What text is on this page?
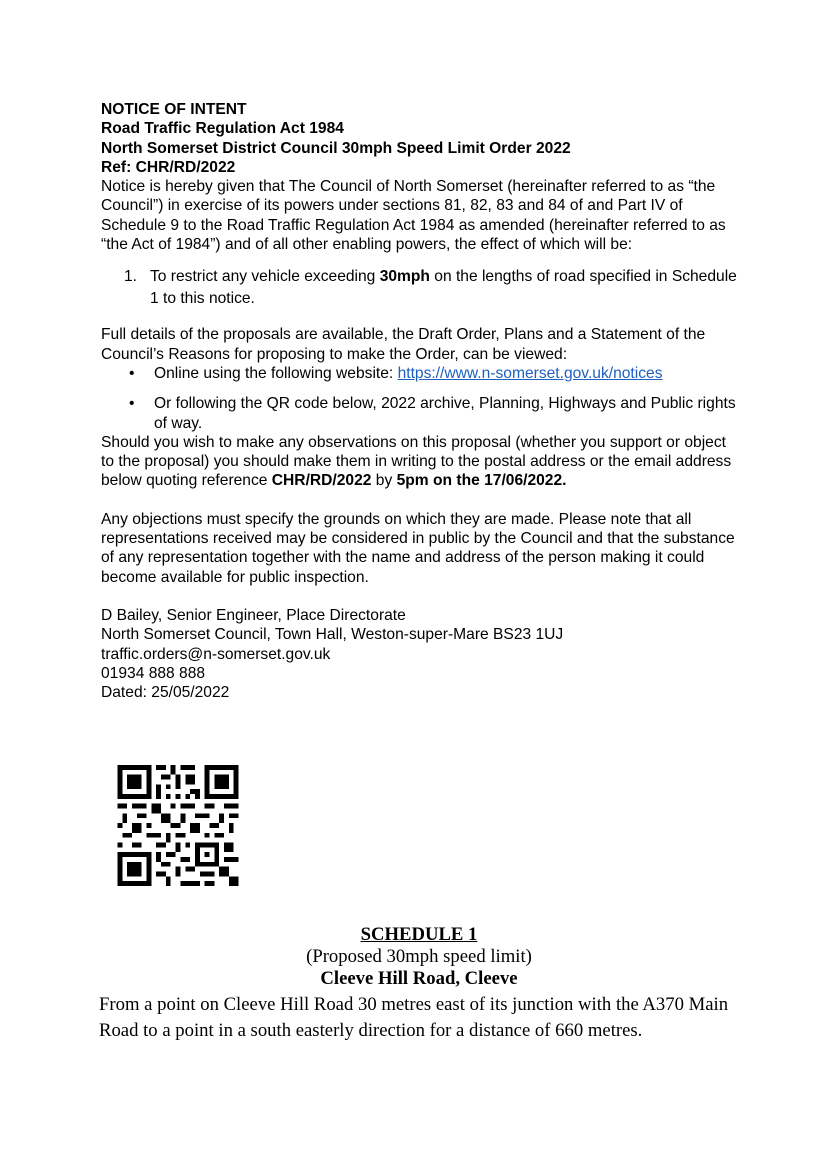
NOTICE OF INTENT
Road Traffic Regulation Act 1984
North Somerset District Council 30mph Speed Limit Order 2022
Ref: CHR/RD/2022

Notice is hereby given that The Council of North Somerset (hereinafter referred to as “the Council”) in exercise of its powers under sections 81, 82, 83 and 84 of and Part IV of Schedule 9 to the Road Traffic Regulation Act 1984 as amended (hereinafter referred to as “the Act of 1984”) and of all other enabling powers, the effect of which will be:

1. To restrict any vehicle exceeding 30mph on the lengths of road specified in Schedule 1 to this notice.

Full details of the proposals are available, the Draft Order, Plans and a Statement of the Council’s Reasons for proposing to make the Order, can be viewed:

• Online using the following website: https://www.n-somerset.gov.uk/notices
• Or following the QR code below, 2022 archive, Planning, Highways and Public rights of way.

Should you wish to make any observations on this proposal (whether you support or object to the proposal) you should make them in writing to the postal address or the email address below quoting reference CHR/RD/2022 by 5pm on the 17/06/2022.

Any objections must specify the grounds on which they are made. Please note that all representations received may be considered in public by the Council and that the substance of any representation together with the name and address of the person making it could become available for public inspection.

D Bailey, Senior Engineer, Place Directorate
North Somerset Council, Town Hall, Weston-super-Mare BS23 1UJ
traffic.orders@n-somerset.gov.uk
01934 888 888
Dated: 25/05/2022
SCHEDULE 1
(Proposed 30mph speed limit)
Cleeve Hill Road, Cleeve

From a point on Cleeve Hill Road 30 metres east of its junction with the A370 Main Road to a point in a south easterly direction for a distance of 660 metres.
